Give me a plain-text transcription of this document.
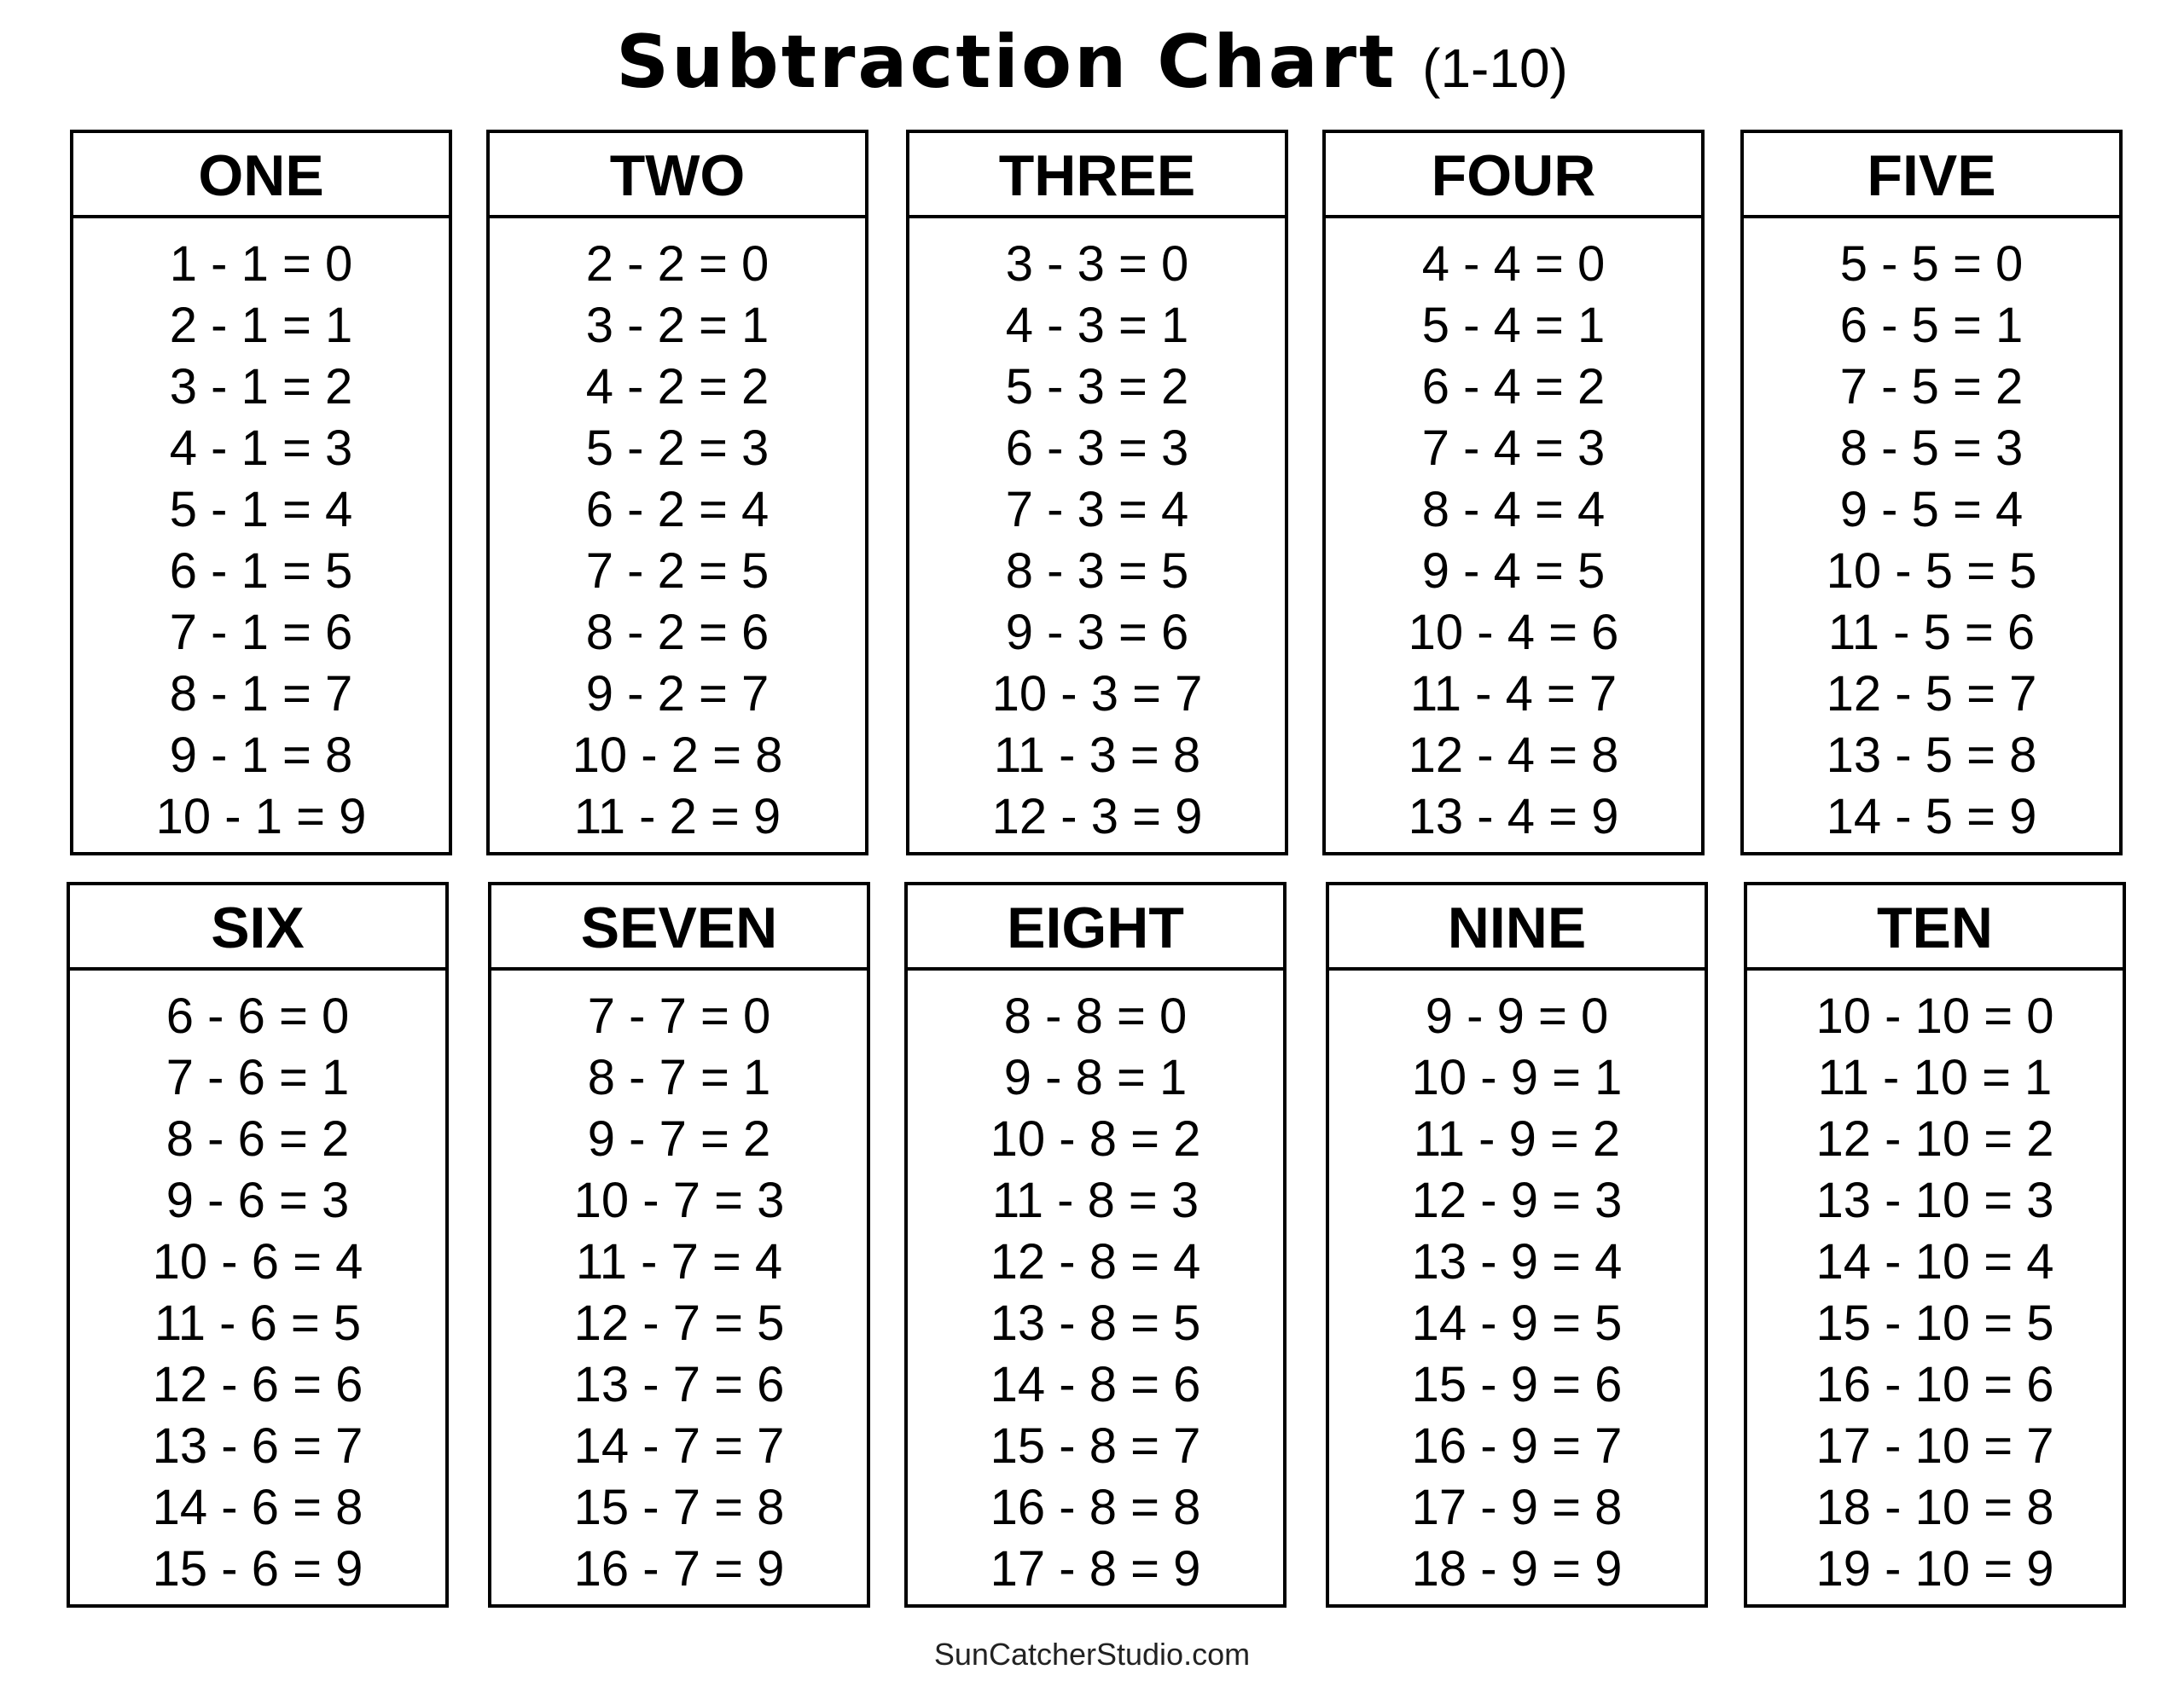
Subtraction Chart (1-10)
ONE
1 - 1 = 0
2 - 1 = 1
3 - 1 = 2
4 - 1 = 3
5 - 1 = 4
6 - 1 = 5
7 - 1 = 6
8 - 1 = 7
9 - 1 = 8
10 - 1 = 9
TWO
2 - 2 = 0
3 - 2 = 1
4 - 2 = 2
5 - 2 = 3
6 - 2 = 4
7 - 2 = 5
8 - 2 = 6
9 - 2 = 7
10 - 2 = 8
11 - 2 = 9
THREE
3 - 3 = 0
4 - 3 = 1
5 - 3 = 2
6 - 3 = 3
7 - 3 = 4
8 - 3 = 5
9 - 3 = 6
10 - 3 = 7
11 - 3 = 8
12 - 3 = 9
FOUR
4 - 4 = 0
5 - 4 = 1
6 - 4 = 2
7 - 4 = 3
8 - 4 = 4
9 - 4 = 5
10 - 4 = 6
11 - 4 = 7
12 - 4 = 8
13 - 4 = 9
FIVE
5 - 5 = 0
6 - 5 = 1
7 - 5 = 2
8 - 5 = 3
9 - 5 = 4
10 - 5 = 5
11 - 5 = 6
12 - 5 = 7
13 - 5 = 8
14 - 5 = 9
SIX
6 - 6 = 0
7 - 6 = 1
8 - 6 = 2
9 - 6 = 3
10 - 6 = 4
11 - 6 = 5
12 - 6 = 6
13 - 6 = 7
14 - 6 = 8
15 - 6 = 9
SEVEN
7 - 7 = 0
8 - 7 = 1
9 - 7 = 2
10 - 7 = 3
11 - 7 = 4
12 - 7 = 5
13 - 7 = 6
14 - 7 = 7
15 - 7 = 8
16 - 7 = 9
EIGHT
8 - 8 = 0
9 - 8 = 1
10 - 8 = 2
11 - 8 = 3
12 - 8 = 4
13 - 8 = 5
14 - 8 = 6
15 - 8 = 7
16 - 8 = 8
17 - 8 = 9
NINE
9 - 9 = 0
10 - 9 = 1
11 - 9 = 2
12 - 9 = 3
13 - 9 = 4
14 - 9 = 5
15 - 9 = 6
16 - 9 = 7
17 - 9 = 8
18 - 9 = 9
TEN
10 - 10 = 0
11 - 10 = 1
12 - 10 = 2
13 - 10 = 3
14 - 10 = 4
15 - 10 = 5
16 - 10 = 6
17 - 10 = 7
18 - 10 = 8
19 - 10 = 9
SunCatcherStudio.com
